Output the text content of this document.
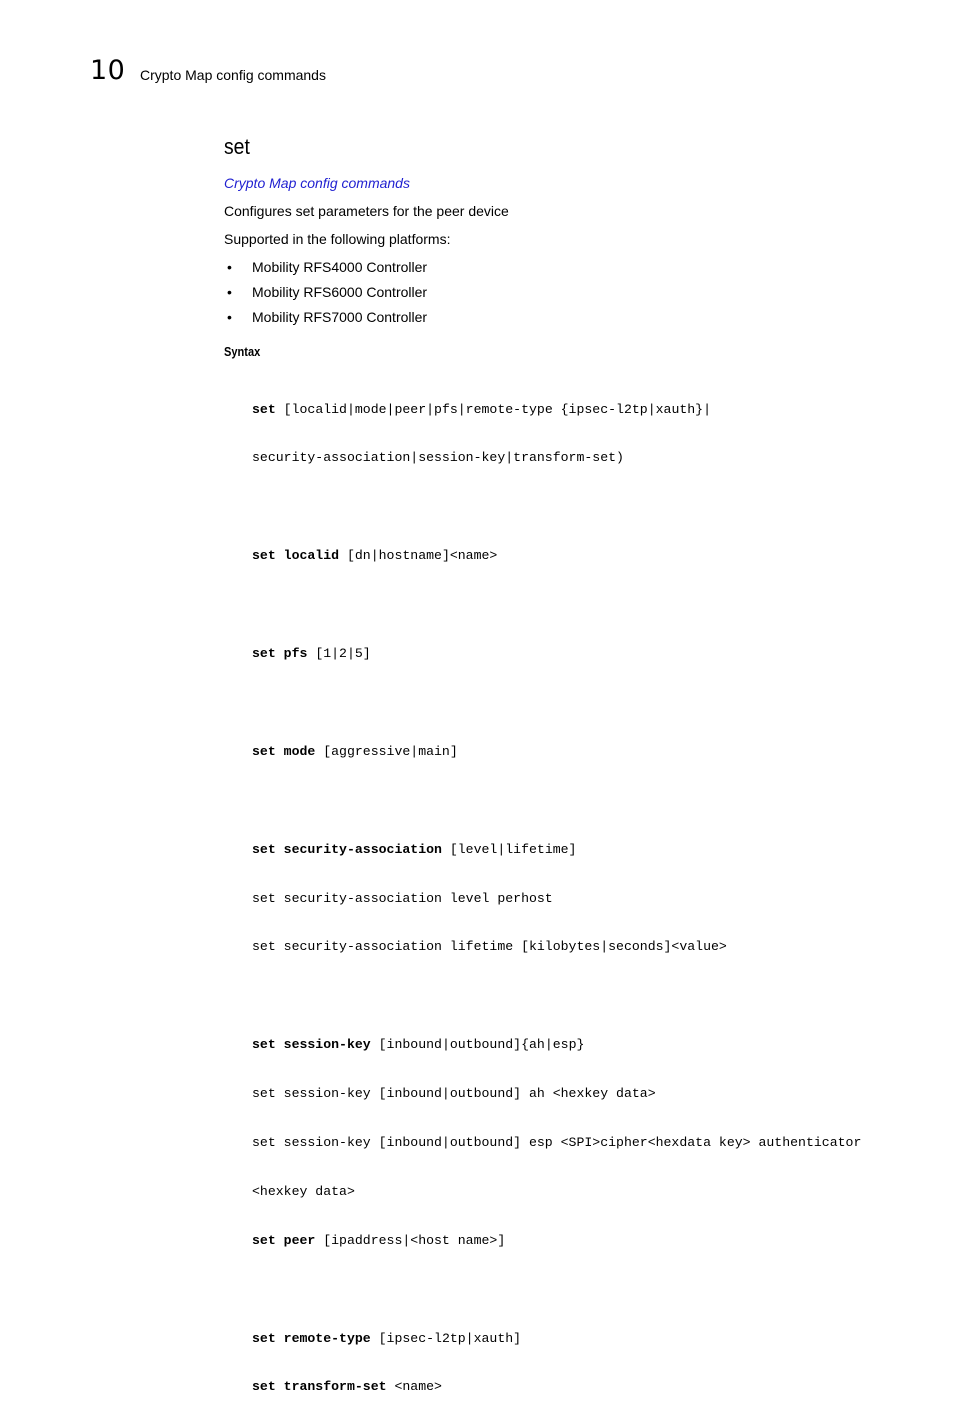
10 Crypto Map config commands
set
Crypto Map config commands

Configures set parameters for the peer device

Supported in the following platforms:

• Mobility RFS4000 Controller
• Mobility RFS6000 Controller
• Mobility RFS7000 Controller
Syntax

set [localid|mode|peer|pfs|remote-type {ipsec-l2tp|xauth}|

security-association|session-key|transform-set)

set localid [dn|hostname]<name>

set pfs [1|2|5]

set mode [aggressive|main]

set security-association [level|lifetime]

set security-association level perhost

set security-association lifetime [kilobytes|seconds]<value>

set session-key [inbound|outbound]{ah|esp}

set session-key [inbound|outbound] ah <hexkey data>

set session-key [inbound|outbound] esp <SPI>cipher<hexdata key> authenticator

<hexkey data>

set peer [ipaddress|<host name>]

set remote-type [ipsec-l2tp|xauth]

set transform-set <name>
